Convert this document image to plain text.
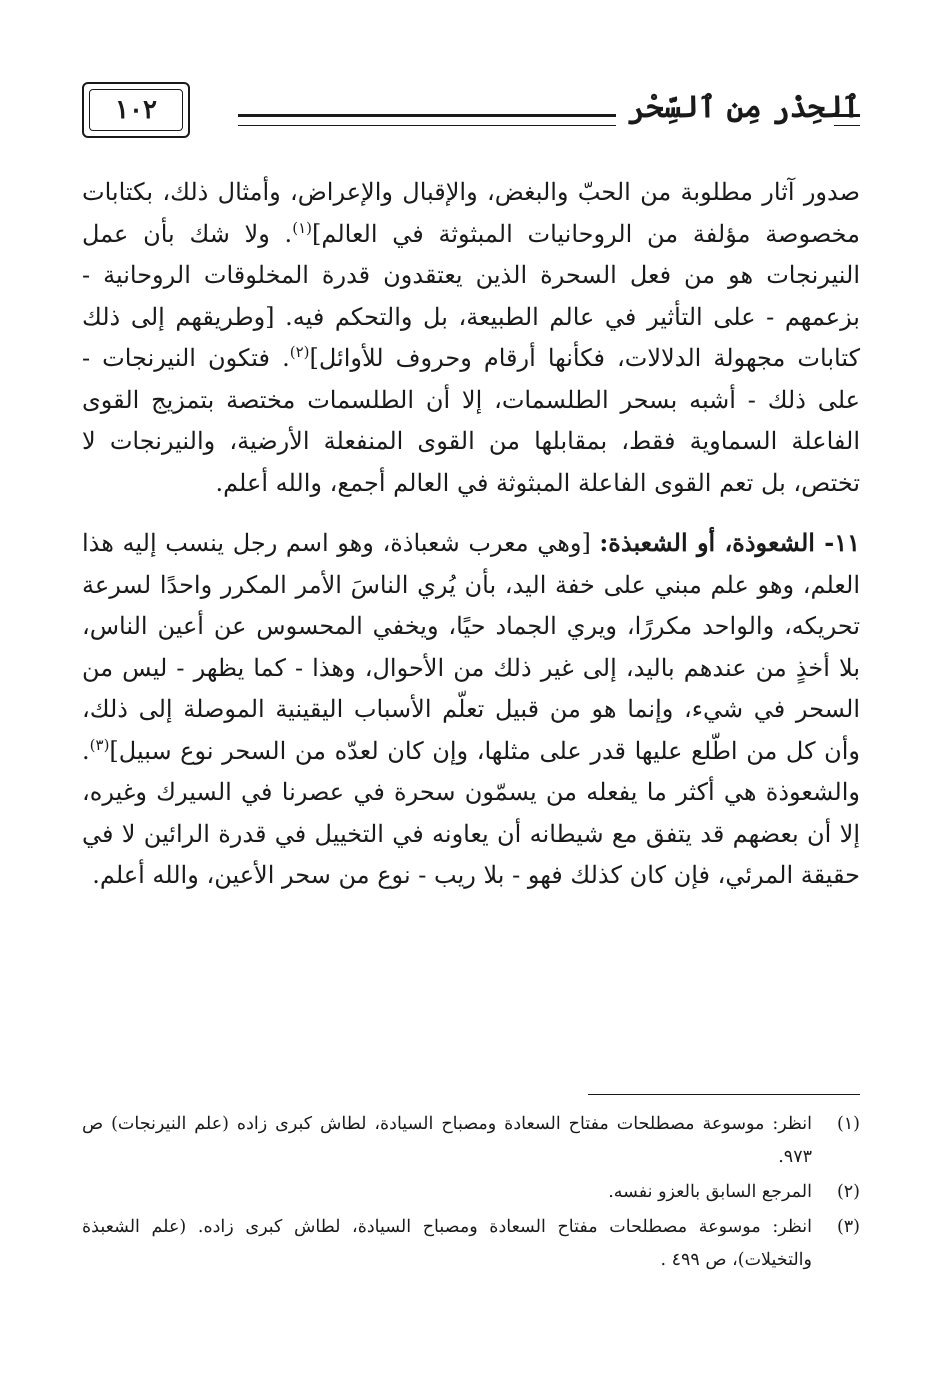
ٱلحِذْر مِن ٱلسِّحْر
١٠٢

صدور آثار مطلوبة من الحبّ والبغض، والإقبال والإعراض، وأمثال ذلك، بكتابات مخصوصة مؤلفة من الروحانيات المبثوثة في العالم]$^{(١)}$. ولا شك بأن عمل النيرنجات هو من فعل السحرة الذين يعتقدون قدرة المخلوقات الروحانية - بزعمهم - على التأثير في عالم الطبيعة، بل والتحكم فيه. [وطريقهم إلى ذلك كتابات مجهولة الدلالات، فكأنها أرقام وحروف للأوائل]$^{(٢)}$. فتكون النيرنجات - على ذلك - أشبه بسحر الطلسمات، إلا أن الطلسمات مختصة بتمزيج القوى الفاعلة السماوية فقط، بمقابلها من القوى المنفعلة الأرضية، والنيرنجات لا تختص، بل تعم القوى الفاعلة المبثوثة في العالم أجمع، والله أعلم.

١١- الشعوذة، أو الشعبذة: [وهي معرب شعباذة، وهو اسم رجل ينسب إليه هذا العلم، وهو علم مبني على خفة اليد، بأن يُري الناسَ الأمر المكرر واحدًا لسرعة تحريكه، والواحد مكررًا، ويري الجماد حيًا، ويخفي المحسوس عن أعين الناس، بلا أخذٍ من عندهم باليد، إلى غير ذلك من الأحوال، وهذا - كما يظهر - ليس من السحر في شيء، وإنما هو من قبيل تعلّم الأسباب اليقينية الموصلة إلى ذلك، وأن كل من اطّلع عليها قدر على مثلها، وإن كان لعدّه من السحر نوع سبيل]$^{(٣)}$. والشعوذة هي أكثر ما يفعله من يسمّون سحرة في عصرنا في السيرك وغيره، إلا أن بعضهم قد يتفق مع شيطانه أن يعاونه في التخييل في قدرة الرائين لا في حقيقة المرئي، فإن كان كذلك فهو - بلا ريب - نوع من سحر الأعين، والله أعلم.

(١)
انظر: موسوعة مصطلحات مفتاح السعادة ومصباح السيادة، لطاش كبرى زاده (علم النيرنجات) ص ٩٧٣.
(٢)
المرجع السابق بالعزو نفسه.
(٣)
انظر: موسوعة مصطلحات مفتاح السعادة ومصباح السيادة، لطاش كبرى زاده. (علم الشعبذة والتخيلات)، ص ٤٩٩ .
